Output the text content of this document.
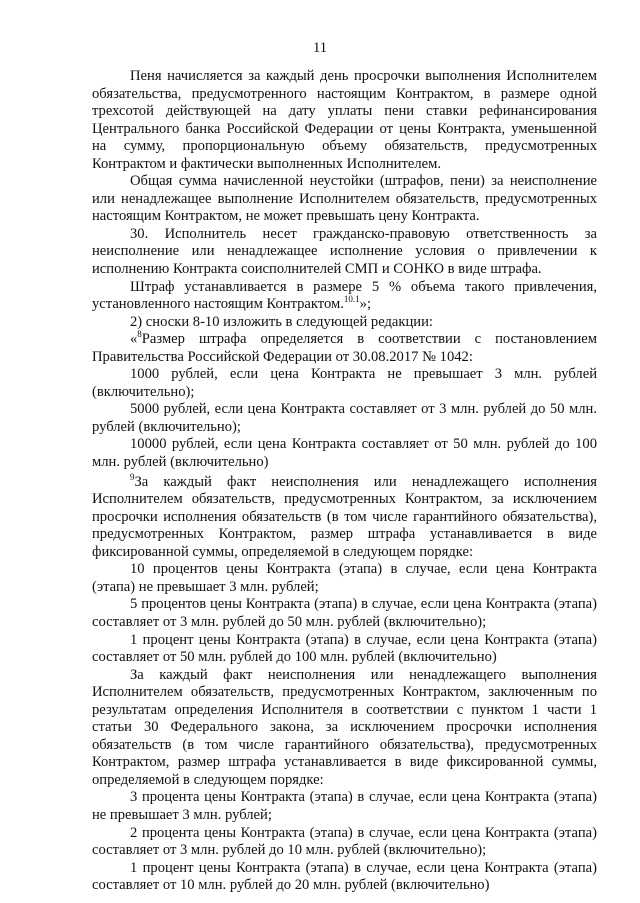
11

Пеня начисляется за каждый день просрочки выполнения Исполнителем обязательства, предусмотренного настоящим Контрактом, в размере одной трехсотой действующей на дату уплаты пени ставки рефинансирования Центрального банка Российской Федерации от цены Контракта, уменьшенной на сумму, пропорциональную объему обязательств, предусмотренных Контрактом и фактически выполненных Исполнителем.

Общая сумма начисленной неустойки (штрафов, пени) за неисполнение или ненадлежащее выполнение Исполнителем обязательств, предусмотренных настоящим Контрактом, не может превышать цену Контракта.

30. Исполнитель несет гражданско-правовую ответственность за неисполнение или ненадлежащее исполнение условия о привлечении к исполнению Контракта соисполнителей СМП и СОНКО в виде штрафа.

Штраф устанавливается в размере 5 % объема такого привлечения, установленного настоящим Контрактом.$^{10.1}$»;

2) сноски 8-10 изложить в следующей редакции:

«$^8$Размер штрафа определяется в соответствии с постановлением Правительства Российской Федерации от 30.08.2017 № 1042:

1000 рублей, если цена Контракта не превышает 3 млн. рублей (включительно);

5000 рублей, если цена Контракта составляет от 3 млн. рублей до 50 млн. рублей (включительно);

10000 рублей, если цена Контракта составляет от 50 млн. рублей до 100 млн. рублей (включительно)

$^9$За каждый факт неисполнения или ненадлежащего исполнения Исполнителем обязательств, предусмотренных Контрактом, за исключением просрочки исполнения обязательств (в том числе гарантийного обязательства), предусмотренных Контрактом, размер штрафа устанавливается в виде фиксированной суммы, определяемой в следующем порядке:

10 процентов цены Контракта (этапа) в случае, если цена Контракта (этапа) не превышает 3 млн. рублей;

5 процентов цены Контракта (этапа) в случае, если цена Контракта (этапа) составляет от 3 млн. рублей до 50 млн. рублей (включительно);

1 процент цены Контракта (этапа) в случае, если цена Контракта (этапа) составляет от 50 млн. рублей до 100 млн. рублей (включительно)

За каждый факт неисполнения или ненадлежащего выполнения Исполнителем обязательств, предусмотренных Контрактом, заключенным по результатам определения Исполнителя в соответствии с пунктом 1 части 1 статьи 30 Федерального закона, за исключением просрочки исполнения обязательств (в том числе гарантийного обязательства), предусмотренных Контрактом, размер штрафа устанавливается в виде фиксированной суммы, определяемой в следующем порядке:

3 процента цены Контракта (этапа) в случае, если цена Контракта (этапа) не превышает 3 млн. рублей;

2 процента цены Контракта (этапа) в случае, если цена Контракта (этапа) составляет от 3 млн. рублей до 10 млн. рублей (включительно);

1 процент цены Контракта (этапа) в случае, если цена Контракта (этапа) составляет от 10 млн. рублей до 20 млн. рублей (включительно)
